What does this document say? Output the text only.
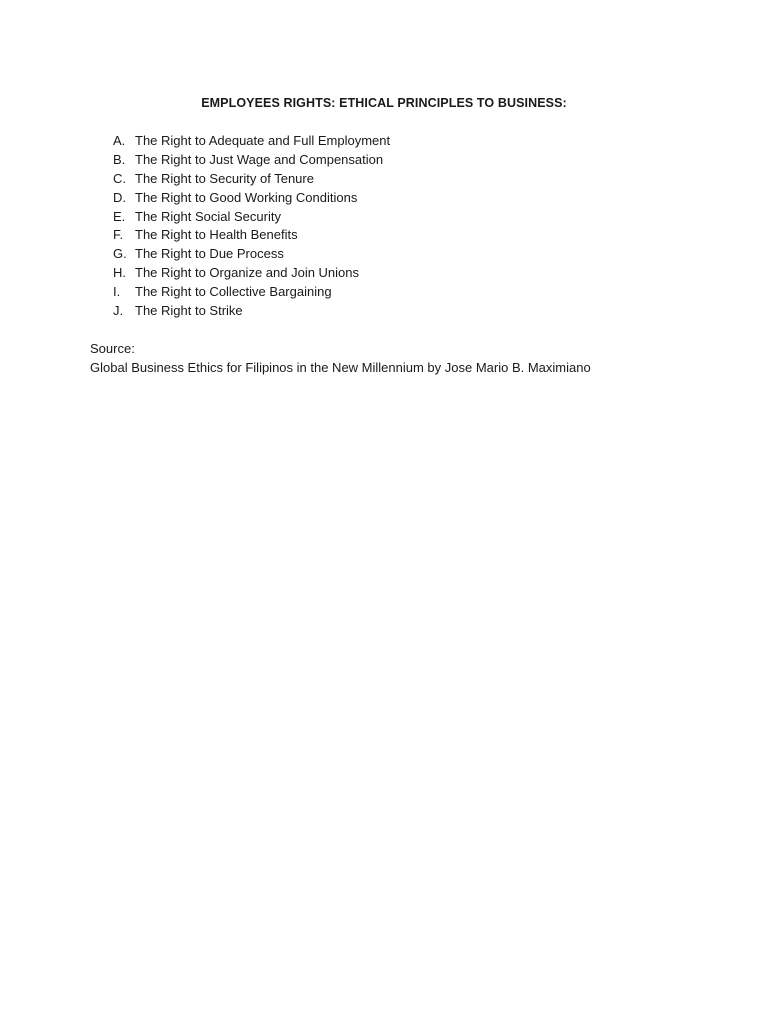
EMPLOYEES RIGHTS: ETHICAL PRINCIPLES TO BUSINESS:
A. The Right to Adequate and Full Employment
B. The Right to Just Wage and Compensation
C. The Right to Security of Tenure
D. The Right to Good Working Conditions
E. The Right Social Security
F. The Right to Health Benefits
G. The Right to Due Process
H. The Right to Organize and Join Unions
I.	The Right to Collective Bargaining
J. The Right to Strike
Source:
Global Business Ethics for Filipinos in the New Millennium by Jose Mario B. Maximiano
